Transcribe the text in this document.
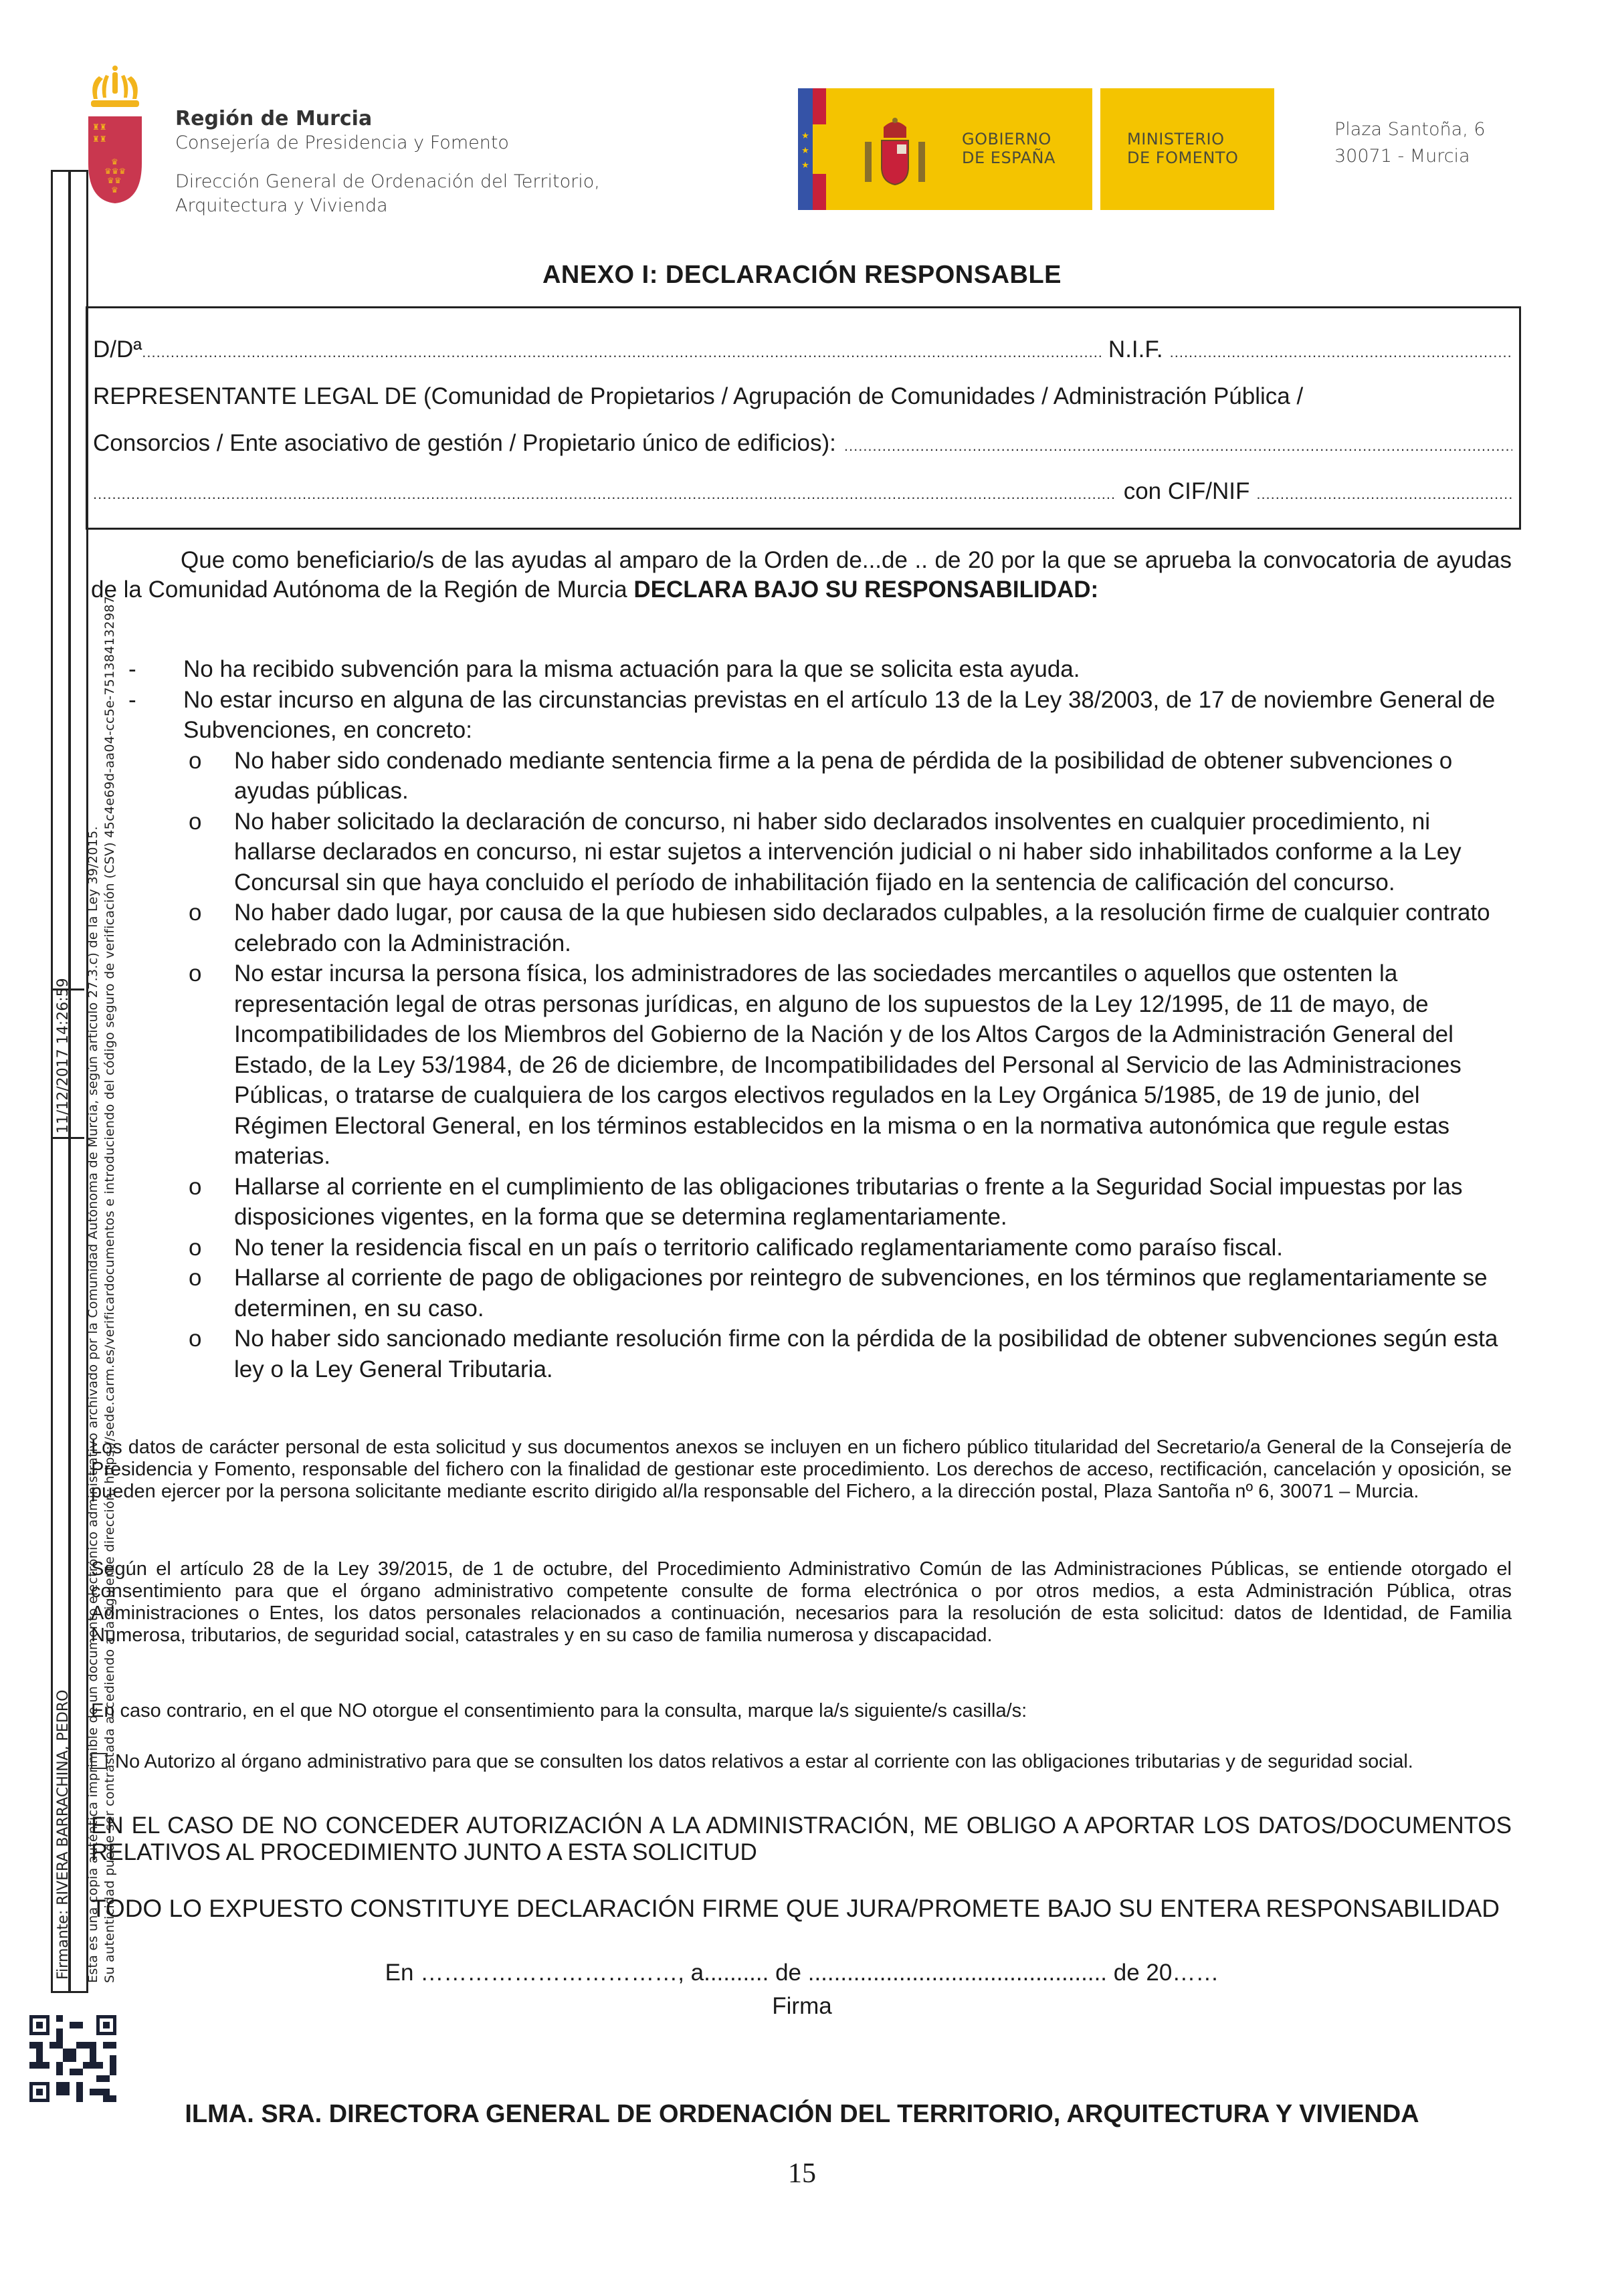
♜♜
♜♜
♛
♛♛♛
♛♛
♛
Región de Murcia
Consejería de Presidencia y Fomento
Dirección General de Ordenación del Territorio,
Arquitectura y Vivienda
★
★
★
GOBIERNO
DE ESPAÑA
MINISTERIO
DE FOMENTO
Plaza Santoña, 6
30071 - Murcia
11/12/2017 14:26:59
Firmante: RIVERA BARRACHINA, PEDRO Esta es una copia auténtica imprimible de un documento electrónico administrativo archivado por la Comunidad Autónoma de Murcia, según artículo 27.3.c) de la Ley 39/2015. Su autenticidad puede ser contrastada accediendo a la siguiente dirección: https://sede.carm.es/verificardocumentos e introduciendo del código seguro de verificación (CSV) 45c4e69d-aa04-cc5e-751384132987
ANEXO I: DECLARACIÓN RESPONSABLE
D/Dª .....	N.I.F.
.....
REPRESENTANTE LEGAL DE (Comunidad de Propietarios / Agrupación de Comunidades / Administración Pública /
Consorcios / Ente asociativo de gestión / Propietario único de edificios):
.....
.....
con CIF/NIF
.....
Que como beneficiario/s de las ayudas al amparo de la Orden de...de .. de 20 por la que se aprueba la convocatoria de ayudas de la Comunidad Autónoma de la Región de Murcia DECLARA BAJO SU RESPONSABILIDAD:
- No ha recibido subvención para la misma actuación para la que se solicita esta ayuda.
- No estar incurso en alguna de las circunstancias previstas en el artículo 13 de la Ley 38/2003, de 17 de noviembre General de Subvenciones, en concreto:
o No haber sido condenado mediante sentencia firme a la pena de pérdida de la posibilidad de obtener subvenciones o ayudas públicas.
o No haber solicitado la declaración de concurso, ni haber sido declarados insolventes en cualquier procedimiento, ni hallarse declarados en concurso, ni estar sujetos a intervención judicial o ni haber sido inhabilitados conforme a la Ley Concursal sin que haya concluido el período de inhabilitación fijado en la sentencia de calificación del concurso.
o No haber dado lugar, por causa de la que hubiesen sido declarados culpables, a la resolución firme de cualquier contrato celebrado con la Administración.
o No estar incursa la persona física, los administradores de las sociedades mercantiles o aquellos que ostenten la representación legal de otras personas jurídicas, en alguno de los supuestos de la Ley 12/1995, de 11 de mayo, de Incompatibilidades de los Miembros del Gobierno de la Nación y de los Altos Cargos de la Administración General del Estado, de la Ley 53/1984, de 26 de diciembre, de Incompatibilidades del Personal al Servicio de las Administraciones Públicas, o tratarse de cualquiera de los cargos electivos regulados en la Ley Orgánica 5/1985, de 19 de junio, del Régimen Electoral General, en los términos establecidos en la misma o en la normativa autonómica que regule estas materias.
o Hallarse al corriente en el cumplimiento de las obligaciones tributarias o frente a la Seguridad Social impuestas por las disposiciones vigentes, en la forma que se determina reglamentariamente.
o No tener la residencia fiscal en un país o territorio calificado reglamentariamente como paraíso fiscal.
o Hallarse al corriente de pago de obligaciones por reintegro de subvenciones, en los términos que reglamentariamente se determinen, en su caso.
o No haber sido sancionado mediante resolución firme con la pérdida de la posibilidad de obtener subvenciones según esta ley o la Ley General Tributaria.
Los datos de carácter personal de esta solicitud y sus documentos anexos se incluyen en un fichero público titularidad del Secretario/a General de la Consejería de Presidencia y Fomento, responsable del fichero con la finalidad de gestionar este procedimiento. Los derechos de acceso, rectificación, cancelación y oposición, se pueden ejercer por la persona solicitante mediante escrito dirigido al/la responsable del Fichero, a la dirección postal, Plaza Santoña nº 6, 30071 – Murcia.
Según el artículo 28 de la Ley 39/2015, de 1 de octubre, del Procedimiento Administrativo Común de las Administraciones Públicas, se entiende otorgado el consentimiento para que el órgano administrativo competente consulte de forma electrónica o por otros medios, a esta Administración Pública, otras Administraciones o Entes, los datos personales relacionados a continuación, necesarios para la resolución de esta solicitud: datos de Identidad, de Familia Numerosa, tributarios, de seguridad social, catastrales y en su caso de familia numerosa y discapacidad.
En caso contrario, en el que NO otorgue el consentimiento para la consulta, marque la/s siguiente/s casilla/s:
No Autorizo al órgano administrativo para que se consulten los datos relativos a estar al corriente con las obligaciones tributarias y de seguridad social.
EN EL CASO DE NO CONCEDER AUTORIZACIÓN A LA ADMINISTRACIÓN, ME OBLIGO A APORTAR LOS DATOS/DOCUMENTOS RELATIVOS AL PROCEDIMIENTO JUNTO A ESTA SOLICITUD
TODO LO EXPUESTO CONSTITUYE DECLARACIÓN FIRME QUE JURA/PROMETE BAJO SU ENTERA RESPONSABILIDAD
En ……………………………, a.......... de .............................................. de 20……
Firma
ILMA. SRA. DIRECTORA GENERAL DE ORDENACIÓN DEL TERRITORIO, ARQUITECTURA Y VIVIENDA
15
